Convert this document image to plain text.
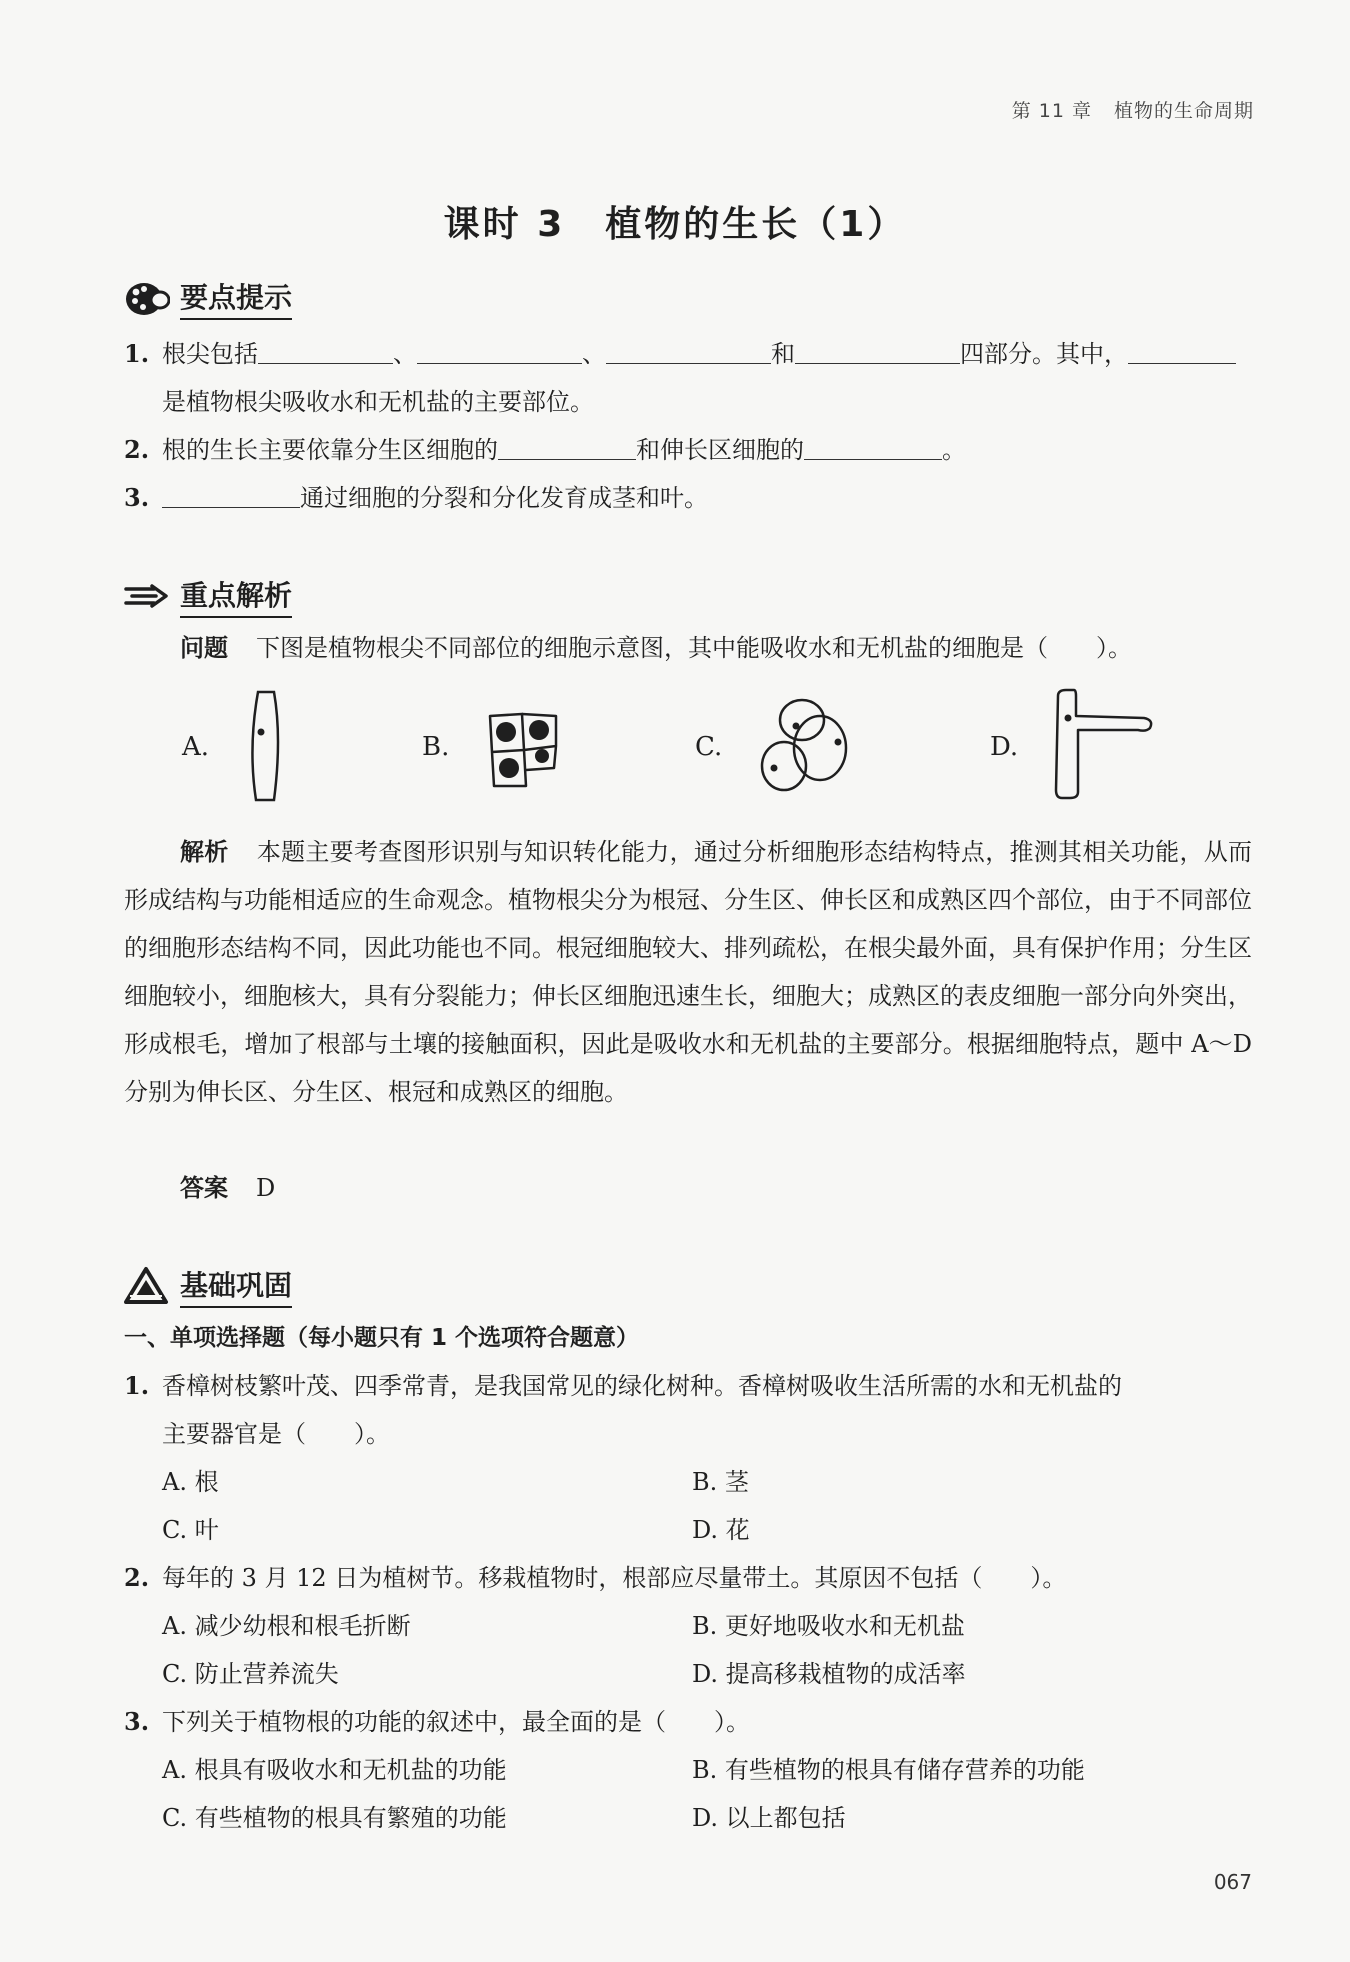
第 11 章 植物的生命周期
课时 3 植物的生长（1）
要点提示
1. 根尖包括	、	、	和	四部分。其中，
是植物根尖吸收水和无机盐的主要部位。
2. 根的生长主要依靠分生区细胞的	和伸长区细胞的	。
3.	通过细胞的分裂和分化发育成茎和叶。
重点解析
问题 下图是植物根尖不同部位的细胞示意图，其中能吸收水和无机盐的细胞是（　　）。
A.	B.	C.	D.
解析 本题主要考查图形识别与知识转化能力，通过分析细胞形态结构特点，推测其相关功能，从而形成结构与功能相适应的生命观念。植物根尖分为根冠、分生区、伸长区和成熟区四个部位，由于不同部位的细胞形态结构不同，因此功能也不同。根冠细胞较大、排列疏松，在根尖最外面，具有保护作用；分生区细胞较小，细胞核大，具有分裂能力；伸长区细胞迅速生长，细胞大；成熟区的表皮细胞一部分向外突出，形成根毛，增加了根部与土壤的接触面积，因此是吸收水和无机盐的主要部分。根据细胞特点，题中 A～D 分别为伸长区、分生区、根冠和成熟区的细胞。
答案 D
基础巩固
一、单项选择题（每小题只有 1 个选项符合题意）
1. 香樟树枝繁叶茂、四季常青，是我国常见的绿化树种。香樟树吸收生活所需的水和无机盐的
主要器官是（　　）。
A. 根	B. 茎
C. 叶	D. 花
2. 每年的 3 月 12 日为植树节。移栽植物时，根部应尽量带土。其原因不包括（　　）。
A. 减少幼根和根毛折断	B. 更好地吸收水和无机盐
C. 防止营养流失	D. 提高移栽植物的成活率
3. 下列关于植物根的功能的叙述中，最全面的是（　　）。
A. 根具有吸收水和无机盐的功能	B. 有些植物的根具有储存营养的功能
C. 有些植物的根具有繁殖的功能	D. 以上都包括
067
